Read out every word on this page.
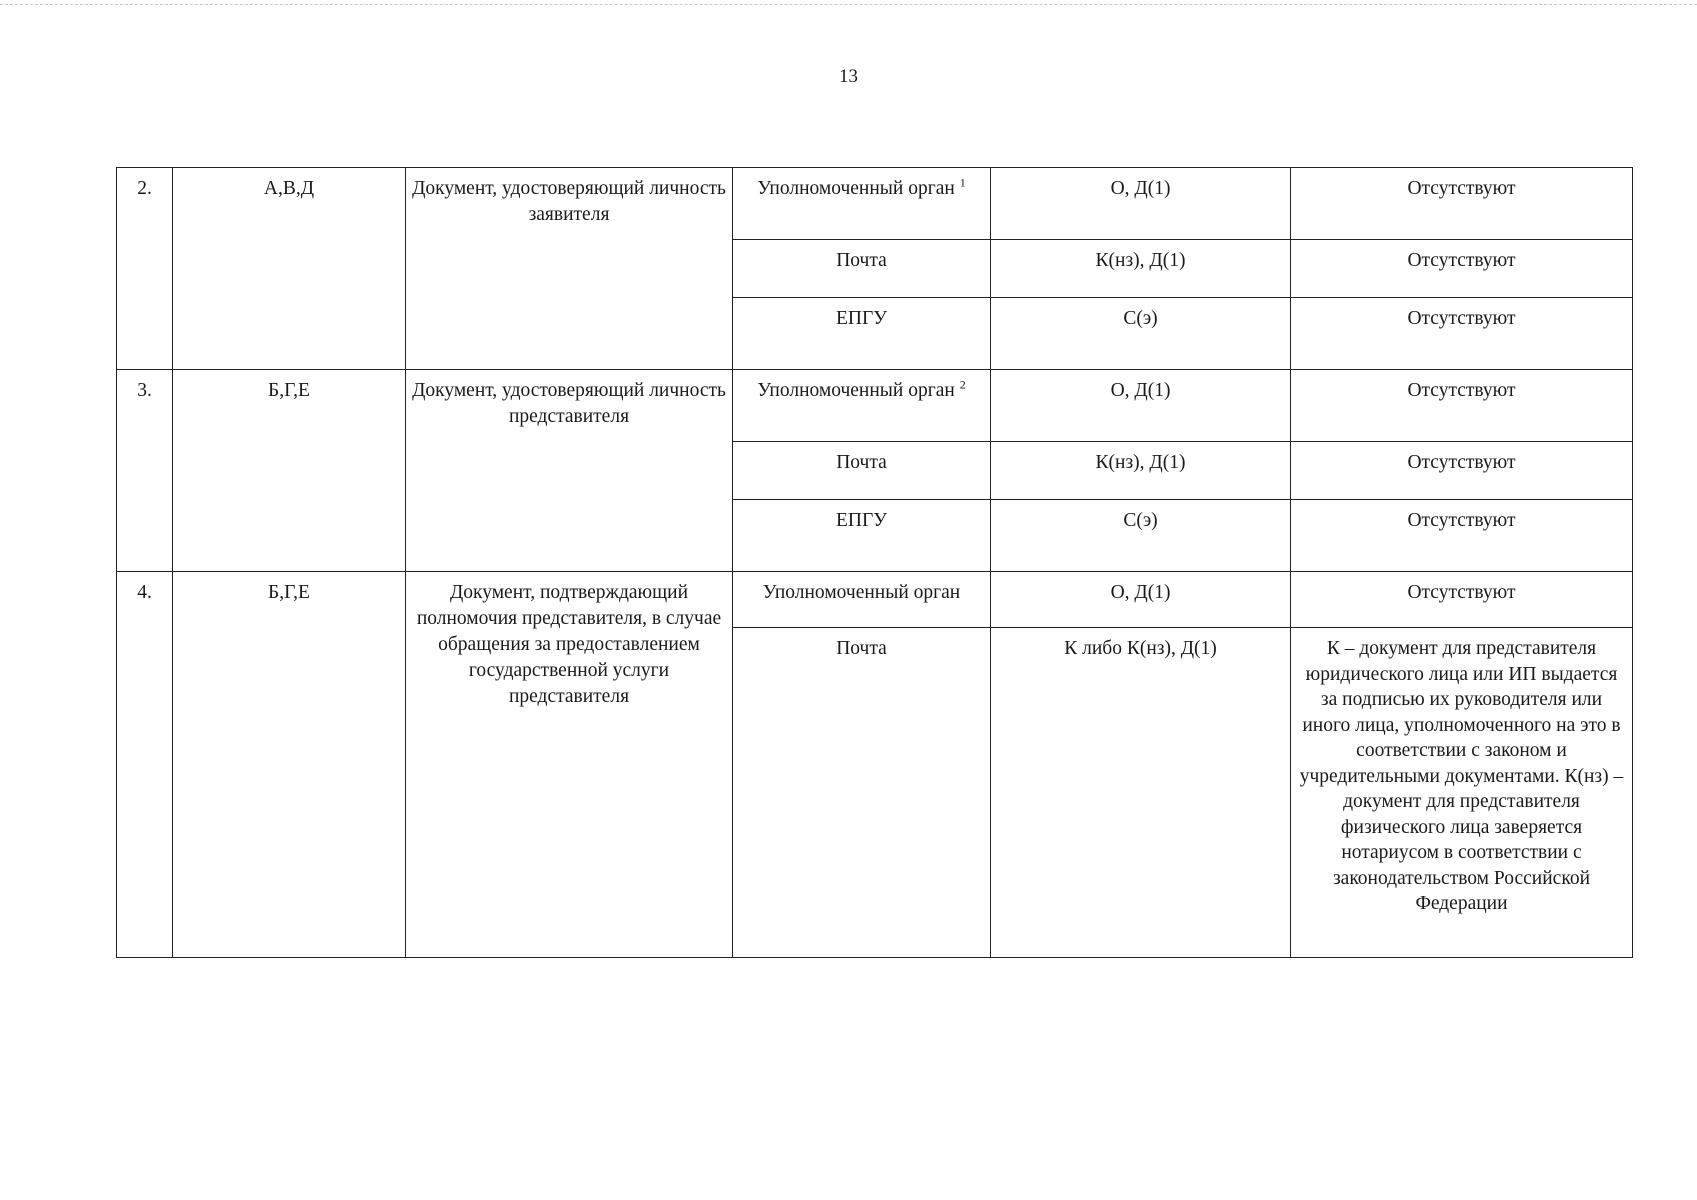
13
2.	А,В,Д	Документ, удостоверяющий личность заявителя	Уполномоченный орган $^1$	О, Д(1)	Отсутствуют
			Почта	К(нз), Д(1)	Отсутствуют
			ЕПГУ	С(э)	Отсутствуют
3.	Б,Г,Е	Документ, удостоверяющий личность представителя	Уполномоченный орган $^2$	О, Д(1)	Отсутствуют
			Почта	К(нз), Д(1)	Отсутствуют
			ЕПГУ	С(э)	Отсутствуют
4.	Б,Г,Е	Документ, подтверждающий полномочия представителя, в случае обращения за предоставлением государственной услуги представителя	Уполномоченный орган	О, Д(1)	Отсутствуют
			Почта	К либо К(нз), Д(1)	К – документ для представителя юридического лица или ИП выдается за подписью их руководителя или иного лица, уполномоченного на это в соответствии с законом и учредительными документами. К(нз) – документ для представителя физического лица заверяется нотариусом в соответствии с законодательством Российской Федерации
